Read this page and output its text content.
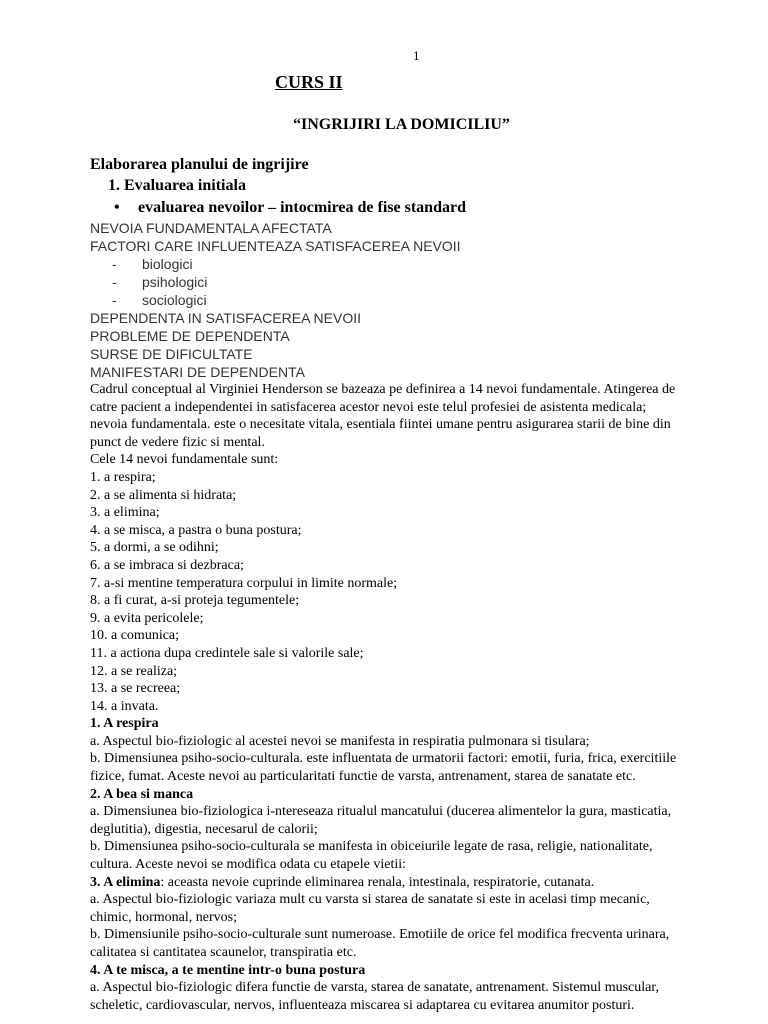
1
CURS II
“INGRIJIRI LA DOMICILIU”

Elaborarea planului de ingrijire

1. Evaluarea initiala

• evaluarea nevoilor – intocmirea de fise standard

NEVOIA FUNDAMENTALA AFECTATA

FACTORI CARE INFLUENTEAZA SATISFACEREA NEVOII

- biologici

- psihologici

- sociologici

DEPENDENTA IN SATISFACEREA NEVOII

PROBLEME DE DEPENDENTA

SURSE DE DIFICULTATE

MANIFESTARI DE DEPENDENTA

Cadrul conceptual al Virginiei Henderson se bazeaza pe definirea a 14 nevoi fundamentale. Atingerea de

catre pacient a independentei in satisfacerea acestor nevoi este telul profesiei de asistenta medicala;

nevoia fundamentala. este o necesitate vitala, esentiala fiintei umane pentru asigurarea starii de bine din

punct de vedere fizic si mental.

Cele 14 nevoi fundamentale sunt:

1. a respira;

2. a se alimenta si hidrata;

3. a elimina;

4. a se misca, a pastra o buna postura;

5. a dormi, a se odihni;

6. a se imbraca si dezbraca;

7. a-si mentine temperatura corpului in limite normale;

8. a fi curat, a-si proteja tegumentele;

9. a evita pericolele;

10. a comunica;

11. a actiona dupa credintele sale si valorile sale;

12. a se realiza;

13. a se recreea;

14. a invata.

1. A respira

a. Aspectul bio-fiziologic al acestei nevoi se manifesta in respiratia pulmonara si tisulara;

b. Dimensiunea psiho-socio-culturala. este influentata de urmatorii factori: emotii, furia, frica, exercitiile

fizice, fumat. Aceste nevoi au particularitati functie de varsta, antrenament, starea de sanatate etc.

2. A bea si manca

a. Dimensiunea bio-fiziologica i-ntereseaza ritualul mancatului (ducerea alimentelor la gura, masticatia,

deglutitia), digestia, necesarul de calorii;

b. Dimensiunea psiho-socio-culturala se manifesta in obiceiurile legate de rasa, religie, nationalitate,

cultura. Aceste nevoi se modifica odata cu etapele vietii:

3. A elimina: aceasta nevoie cuprinde eliminarea renala, intestinala, respiratorie, cutanata.

a. Aspectul bio-fiziologic variaza mult cu varsta si starea de sanatate si este in acelasi timp mecanic,

chimic, hormonal, nervos;

b. Dimensiunile psiho-socio-culturale sunt numeroase. Emotiile de orice fel modifica frecventa urinara,

calitatea si cantitatea scaunelor, transpiratia etc.

4. A te misca, a te mentine intr-o buna postura

a. Aspectul bio-fiziologic difera functie de varsta, starea de sanatate, antrenament. Sistemul muscular,

scheletic, cardiovascular, nervos, influenteaza miscarea si adaptarea cu evitarea anumitor posturi.
